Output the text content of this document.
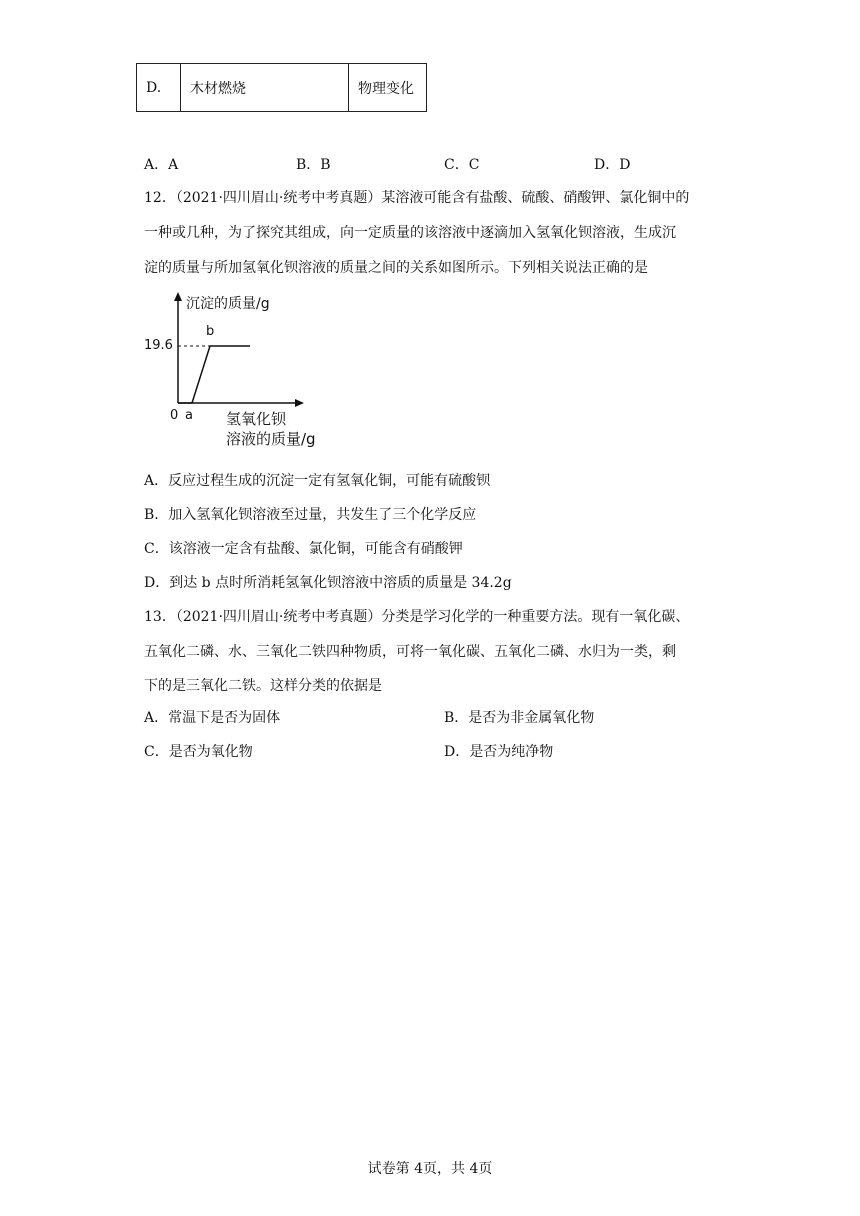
D.	木材燃烧	物理变化
A．A	B．B	C．C	D．D
12．（2021·四川眉山·统考中考真题）某溶液可能含有盐酸、硫酸、硝酸钾、氯化铜中的
一种或几种，为了探究其组成，向一定质量的该溶液中逐滴加入氢氧化钡溶液，生成沉
淀的质量与所加氢氧化钡溶液的质量之间的关系如图所示。下列相关说法正确的是
沉淀的质量/g
19.6
b
0 a 氢氧化钡
溶液的质量/g
A．反应过程生成的沉淀一定有氢氧化铜，可能有硫酸钡
B．加入氢氧化钡溶液至过量，共发生了三个化学反应
C．该溶液一定含有盐酸、氯化铜，可能含有硝酸钾
D．到达 b 点时所消耗氢氧化钡溶液中溶质的质量是 34.2g
13．（2021·四川眉山·统考中考真题）分类是学习化学的一种重要方法。现有一氧化碳、
五氧化二磷、水、三氧化二铁四种物质，可将一氧化碳、五氧化二磷、水归为一类，剩
下的是三氧化二铁。这样分类的依据是
A．常温下是否为固体	B．是否为非金属氧化物
C．是否为氧化物	D．是否为纯净物
试卷第 4页，共 4页
